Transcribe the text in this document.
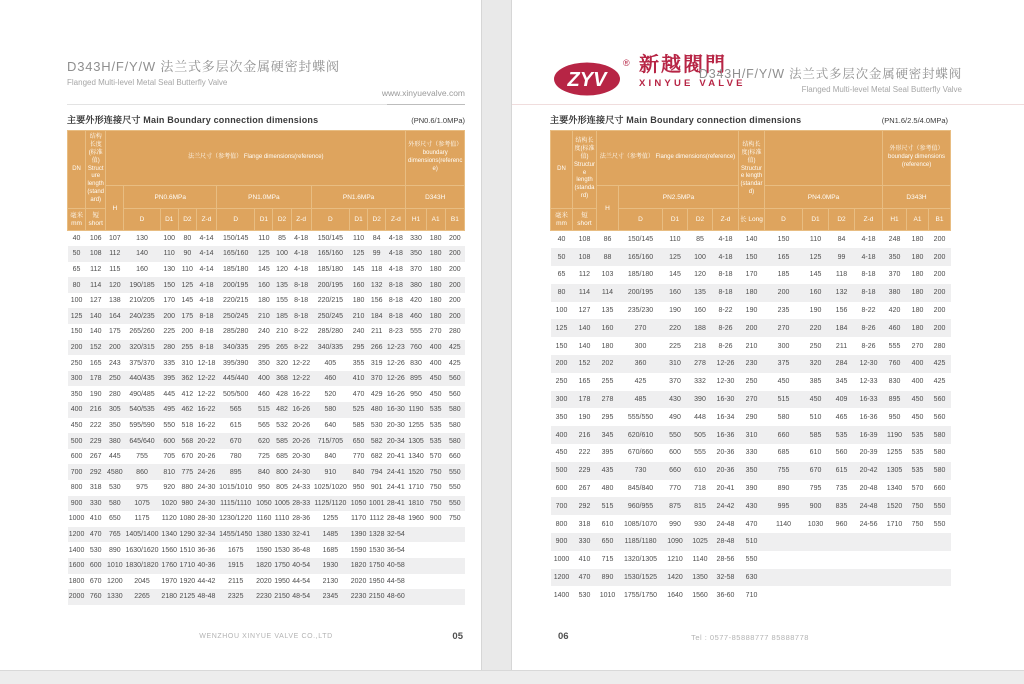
D343H/F/Y/W 法兰式多层次金属硬密封蝶阀
Flanged Multi-level Metal Seal Butterfly Valve
www.xinyuevalve.com
主要外形连接尺寸 Main Boundary connection dimensions	(PN0.6/1.0MPa)
DN	结构长度(标准值) Structure length (standard)	法兰尺寸（参考值） Flange dimensions(reference)													外形尺寸（参考值） boundary dimensions(reference)		
		H	PN0.6MPa				PN1.0MPa				PN1.6MPa				D343H		
毫米 mm	短 short		D	D1	D2	Z-d	D	D1	D2	Z-d	D	D1	D2	Z-d	H1	A1	B1
40	106	107	130	100	80	4-14	150/145	110	85	4-18	150/145	110	84	4-18	330	180	200
50	108	112	140	110	90	4-14	165/160	125	100	4-18	165/160	125	99	4-18	350	180	200
65	112	115	160	130	110	4-14	185/180	145	120	4-18	185/180	145	118	4-18	370	180	200
80	114	120	190/185	150	125	4-18	200/195	160	135	8-18	200/195	160	132	8-18	380	180	200
100	127	138	210/205	170	145	4-18	220/215	180	155	8-18	220/215	180	156	8-18	420	180	200
125	140	164	240/235	200	175	8-18	250/245	210	185	8-18	250/245	210	184	8-18	460	180	200
150	140	175	265/260	225	200	8-18	285/280	240	210	8-22	285/280	240	211	8-23	555	270	280
200	152	200	320/315	280	255	8-18	340/335	295	265	8-22	340/335	295	266	12-23	760	400	425
250	165	243	375/370	335	310	12-18	395/390	350	320	12-22	405	355	319	12-26	830	400	425
300	178	250	440/435	395	362	12-22	445/440	400	368	12-22	460	410	370	12-26	895	450	560
350	190	280	490/485	445	412	12-22	505/500	460	428	16-22	520	470	429	16-26	950	450	560
400	216	305	540/535	495	462	16-22	565	515	482	16-26	580	525	480	16-30	1190	535	580
450	222	350	595/590	550	518	16-22	615	565	532	20-26	640	585	530	20-30	1255	535	580
500	229	380	645/640	600	568	20-22	670	620	585	20-26	715/705	650	582	20-34	1305	535	580
600	267	445	755	705	670	20-26	780	725	685	20-30	840	770	682	20-41	1340	570	660
700	292	4580	860	810	775	24-26	895	840	800	24-30	910	840	794	24-41	1520	750	550
800	318	530	975	920	880	24-30	1015/1010	950	805	24-33	1025/1020	950	901	24-41	1710	750	550
900	330	580	1075	1020	980	24-30	1115/1110	1050	1005	28-33	1125/1120	1050	1001	28-41	1810	750	550
1000	410	650	1175	1120	1080	28-30	1230/1220	1160	1110	28-36	1255	1170	1112	28-48	1960	900	750
1200	470	765	1405/1400	1340	1290	32-34	1455/1450	1380	1330	32-41	1485	1390	1328	32-54			
1400	530	890	1630/1620	1560	1510	36-36	1675	1590	1530	36-48	1685	1590	1530	36-54			
1600	600	1010	1830/1820	1760	1710	40-36	1915	1820	1750	40-54	1930	1820	1750	40-58			
1800	670	1200	2045	1970	1920	44-42	2115	2020	1950	44-54	2130	2020	1950	44-58			
2000	760	1330	2265	2180	2125	48-48	2325	2230	2150	48-54	2345	2230	2150	48-60			
WENZHOU XINYUE VALVE CO.,LTD	05
ZYV
® 新越閥門
XINYUE VALVE
D343H/F/Y/W 法兰式多层次金属硬密封蝶阀
Flanged Multi-level Metal Seal Butterfly Valve
主要外形连接尺寸 Main Boundary connection dimensions	(PN1.6/2.5/4.0MPa)
DN	结构长度(标准值) Structure length (standard)	法兰尺寸（参考值） Flange dimensions(reference)					结构长度(标准值) Structure length (standard)					外形尺寸（参考值） boundary dimensions (reference)		
		H	PN2.5MPa					PN4.0MPa				D343H		
毫米 mm	短 short		D	D1	D2	Z-d	长 Long	D	D1	D2	Z-d	H1	A1	B1
40	108	86	150/145	110	85	4-18	140	150	110	84	4-18	248	180	200
50	108	88	165/160	125	100	4-18	150	165	125	99	4-18	350	180	200
65	112	103	185/180	145	120	8-18	170	185	145	118	8-18	370	180	200
80	114	114	200/195	160	135	8-18	180	200	160	132	8-18	380	180	200
100	127	135	235/230	190	160	8-22	190	235	190	156	8-22	420	180	200
125	140	160	270	220	188	8-26	200	270	220	184	8-26	460	180	200
150	140	180	300	225	218	8-26	210	300	250	211	8-26	555	270	280
200	152	202	360	310	278	12-26	230	375	320	284	12-30	760	400	425
250	165	255	425	370	332	12-30	250	450	385	345	12-33	830	400	425
300	178	278	485	430	390	16-30	270	515	450	409	16-33	895	450	560
350	190	295	555/550	490	448	16-34	290	580	510	465	16-36	950	450	560
400	216	345	620/610	550	505	16-36	310	660	585	535	16-39	1190	535	580
450	222	395	670/660	600	555	20-36	330	685	610	560	20-39	1255	535	580
500	229	435	730	660	610	20-36	350	755	670	615	20-42	1305	535	580
600	267	480	845/840	770	718	20-41	390	890	795	735	20-48	1340	570	660
700	292	515	960/955	875	815	24-42	430	995	900	835	24-48	1520	750	550
800	318	610	1085/1070	990	930	24-48	470	1140	1030	960	24-56	1710	750	550
900	330	650	1185/1180	1090	1025	28-48	510							
1000	410	715	1320/1305	1210	1140	28-56	550							
1200	470	890	1530/1525	1420	1350	32-58	630							
1400	530	1010	1755/1750	1640	1560	36-60	710							
06	Tel : 0577-85888777 85888778
